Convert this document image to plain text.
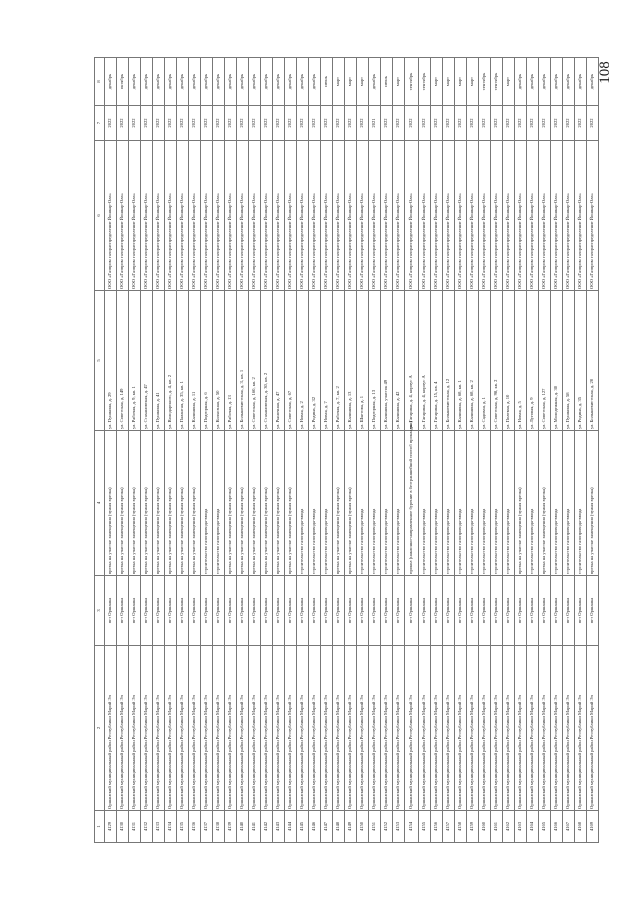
108
1	2	3	4	5	6	7	8
4129	Оршанский муниципальный район Республики Марий Эл	пгт Оршанка	врезка на участке замещения (чужая врезка)	ул. Пушкина, д. 29	ООО «Газпром газораспределение Йошкар-Ола»	2022	декабрь
4130	Оршанский муниципальный район Республики Марий Эл	пгт Оршанка	врезка на участке замещения (чужая врезка)	ул. Советская, д. 149	ООО «Газпром газораспределение Йошкар-Ола»	2022	октябрь
4131	Оршанский муниципальный район Республики Марий Эл	пгт Оршанка	врезка на участке замещения (чужая врезка)	ул. Рабочая, д. 9, кв. 1	ООО «Газпром газораспределение Йошкар-Ола»	2022	декабрь
4132	Оршанский муниципальный район Республики Марий Эл	пгт Оршанка	врезка на участке замещения (чужая врезка)	ул. Стахановская, д. 47	ООО «Газпром газораспределение Йошкар-Ола»	2022	декабрь
4133	Оршанский муниципальный район Республики Марий Эл	пгт Оршанка	врезка на участке замещения (чужая врезка)	ул. Пушкина, д. 41	ООО «Газпром газораспределение Йошкар-Ола»	2022	декабрь
4134	Оршанский муниципальный район Республики Марий Эл	пгт Оршанка	врезка на участке замещения (чужая врезка)	ул. Володарского, д. 4, кв. 2	ООО «Газпром газораспределение Йошкар-Ола»	2022	декабрь
4135	Оршанский муниципальный район Республики Марий Эл	пгт Оршанка	врезка на участке замещения (чужая врезка)	ул. Палантая, д. 35, кв. 1	ООО «Газпром газораспределение Йошкар-Ола»	2022	декабрь
4136	Оршанский муниципальный район Республики Марий Эл	пгт Оршанка	врезка на участке замещения (чужая врезка)	ул. Калинина, д. 11	ООО «Газпром газораспределение Йошкар-Ола»	2022	декабрь
4137	Оршанский муниципальный район Республики Марий Эл	пгт Оршанка	строительство газопровода-ввода	ул. Подгорная, д. 6	ООО «Газпром газораспределение Йошкар-Ола»	2022	декабрь
4138	Оршанский муниципальный район Республики Марий Эл	пгт Оршанка	строительство газопровода-ввода	ул. Колхозная, д. 50	ООО «Газпром газораспределение Йошкар-Ола»	2022	декабрь
4139	Оршанский муниципальный район Республики Марий Эл	пгт Оршанка	врезка на участке замещения (чужая врезка)	ул. Рабочая, д. 13	ООО «Газпром газораспределение Йошкар-Ола»	2022	декабрь
4140	Оршанский муниципальный район Республики Марий Эл	пгт Оршанка	врезка на участке замещения (чужая врезка)	ул. Большевистская, д. 3, кв. 1	ООО «Газпром газораспределение Йошкар-Ола»	2022	декабрь
4141	Оршанский муниципальный район Республики Марий Эл	пгт Оршанка	врезка на участке замещения (чужая врезка)	ул. Советская, д. 160, кв. 2	ООО «Газпром газораспределение Йошкар-Ола»	2022	декабрь
4142	Оршанский муниципальный район Республики Марий Эл	пгт Оршанка	врезка на участке замещения (чужая врезка)	ул. Стахановская, д. 30, кв. 2	ООО «Газпром газораспределение Йошкар-Ола»	2022	декабрь
4143	Оршанский муниципальный район Республики Марий Эл	пгт Оршанка	врезка на участке замещения (чужая врезка)	ул. Рыночная, д. 47	ООО «Газпром газораспределение Йошкар-Ола»	2022	декабрь
4144	Оршанский муниципальный район Республики Марий Эл	пгт Оршанка	врезка на участке замещения (чужая врезка)	ул. Советская, д. 67	ООО «Газпром газораспределение Йошкар-Ола»	2022	декабрь
4145	Оршанский муниципальный район Республики Марий Эл	пгт Оршанка	строительство газопровода-ввода	ул. Новая, д. 2	ООО «Газпром газораспределение Йошкар-Ола»	2022	декабрь
4146	Оршанский муниципальный район Республики Марий Эл	пгт Оршанка	строительство газопровода-ввода	ул. Родина, д. 32	ООО «Газпром газораспределение Йошкар-Ола»	2022	декабрь
4147	Оршанский муниципальный район Республики Марий Эл	пгт Оршанка	строительство газопровода-ввода	ул. Новая, д. 7	ООО «Газпром газораспределение Йошкар-Ола»	2022	июнь
4148	Оршанский муниципальный район Республики Марий Эл	пгт Оршанка	врезка на участке замещения (чужая врезка)	ул. Рабочая, д. 7, кв. 2	ООО «Газпром газораспределение Йошкар-Ола»	2022	март
4149	Оршанский муниципальный район Республики Марий Эл	пгт Оршанка	врезка на участке замещения (чужая врезка)	ул. Калинина, д. 13	ООО «Газпром газораспределение Йошкар-Ола»	2022	март
4150	Оршанский муниципальный район Республики Марий Эл	пгт Оршанка	строительство газопровода-ввода	ул. Шкетова, д. 1	ООО «Газпром газораспределение Йошкар-Ола»	2022	март
4151	Оршанский муниципальный район Республики Марий Эл	пгт Оршанка	строительство газопровода-ввода	ул. Подгорная, д. 13	ООО «Газпром газораспределение Йошкар-Ола»	2021	декабрь
4152	Оршанский муниципальный район Республики Марий Эл	пгт Оршанка	строительство газопровода-ввода	ул. Калинина, участок 49	ООО «Газпром газораспределение Йошкар-Ола»	2022	июнь
4153	Оршанский муниципальный район Республики Марий Эл	пгт Оршанка	строительство газопровода-ввода	ул. Калинина, д. 42	ООО «Газпром газораспределение Йошкар-Ола»	2022	март
4154	Оршанский муниципальный район Республики Марий Эл	пгт Оршанка	прокол (наклонно-направленное бурение в безтраншейной способ прокладки)	ул. Гагарина, д. 4, корпус А	ООО «Газпром газораспределение Йошкар-Ола»	2022	сентябрь
4155	Оршанский муниципальный район Республики Марий Эл	пгт Оршанка	строительство газопровода-ввода	ул. Гагарина, д. 4, корпус А	ООО «Газпром газораспределение Йошкар-Ола»	2022	сентябрь
4156	Оршанский муниципальный район Республики Марий Эл	пгт Оршанка	строительство газопровода-ввода	ул. Гагарина, д. 15, кв. 4	ООО «Газпром газораспределение Йошкар-Ола»	2022	март
4157	Оршанский муниципальный район Республики Марий Эл	пгт Оршанка	строительство газопровода-ввода	ул. Большевистская, д. 12	ООО «Газпром газораспределение Йошкар-Ола»	2022	март
4158	Оршанский муниципальный район Республики Марий Эл	пгт Оршанка	строительство газопровода-ввода	ул. Калинина, д. 68, кв. 1	ООО «Газпром газораспределение Йошкар-Ола»	2022	март
4159	Оршанский муниципальный район Республики Марий Эл	пгт Оршанка	строительство газопровода-ввода	ул. Калинина, д. 68, кв. 2	ООО «Газпром газораспределение Йошкар-Ола»	2022	март
4160	Оршанский муниципальный район Республики Марий Эл	пгт Оршанка	строительство газопровода-ввода	ул. Садовая, д. 1	ООО «Газпром газораспределение Йошкар-Ола»	2022	сентябрь
4161	Оршанский муниципальный район Республики Марий Эл	пгт Оршанка	строительство газопровода-ввода	ул. Советская, д. 98, кв. 2	ООО «Газпром газораспределение Йошкар-Ола»	2022	сентябрь
4162	Оршанский муниципальный район Республики Марий Эл	пгт Оршанка	строительство газопровода-ввода	ул. Полевая, д. 10	ООО «Газпром газораспределение Йошкар-Ола»	2022	март
4163	Оршанский муниципальный район Республики Марий Эл	пгт Оршанка	врезка на участке замещения (чужая врезка)	ул. Новая, д. 5	ООО «Газпром газораспределение Йошкар-Ола»	2022	декабрь
4164	Оршанский муниципальный район Республики Марий Эл	пгт Оршанка	строительство газопровода-ввода	ул. Луговая, д. 9	ООО «Газпром газораспределение Йошкар-Ола»	2022	декабрь
4165	Оршанский муниципальный район Республики Марий Эл	пгт Оршанка	врезка на участке замещения (чужая врезка)	ул. Советская, д. 127	ООО «Газпром газораспределение Йошкар-Ола»	2022	декабрь
4166	Оршанский муниципальный район Республики Марий Эл	пгт Оршанка	строительство газопровода-ввода	ул. Молодежная, д. 30	ООО «Газпром газораспределение Йошкар-Ола»	2022	декабрь
4167	Оршанский муниципальный район Республики Марий Эл	пгт Оршанка	строительство газопровода-ввода	ул. Пушкина, д. 58	ООО «Газпром газораспределение Йошкар-Ола»	2022	декабрь
4168	Оршанский муниципальный район Республики Марий Эл	пгт Оршанка	строительство газопровода-ввода	ул. Родина, д. 35	ООО «Газпром газораспределение Йошкар-Ола»	2022	декабрь
4169	Оршанский муниципальный район Республики Марий Эл	пгт Оршанка	врезка на участке замещения (чужая врезка)	ул. Большевистская, д. 20	ООО «Газпром газораспределение Йошкар-Ола»	2022	декабрь
